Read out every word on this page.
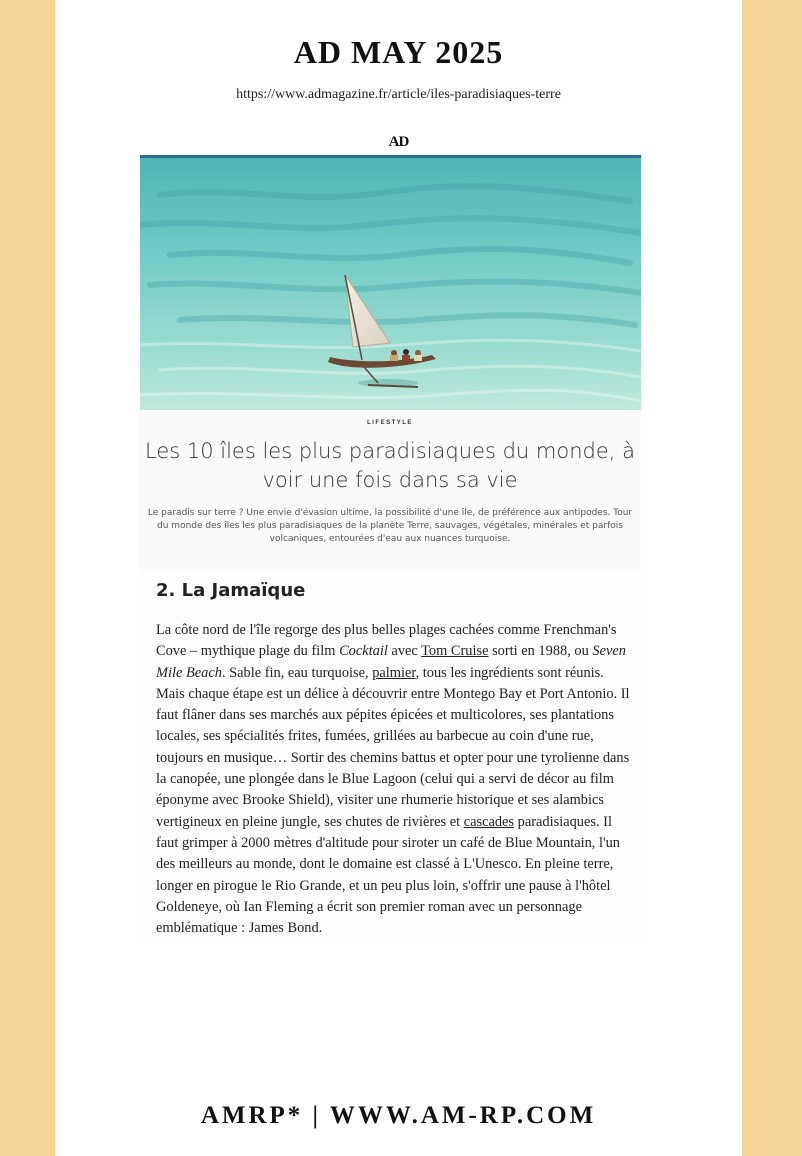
AD MAY 2025
https://www.admagazine.fr/article/iles-paradisiaques-terre
AD
LIFESTYLE
Les 10 îles les plus paradisiaques du monde, à voir une fois dans sa vie
Le paradis sur terre ? Une envie d'évasion ultime, la possibilité d'une île, de préférence aux antipodes. Tour du monde des îles les plus paradisiaques de la planète Terre, sauvages, végétales, minérales et parfois volcaniques, entourées d'eau aux nuances turquoise.
2. La Jamaïque
La côte nord de l'île regorge des plus belles plages cachées comme Frenchman's Cove – mythique plage du film Cocktail avec Tom Cruise sorti en 1988, ou Seven Mile Beach. Sable fin, eau turquoise, palmier, tous les ingrédients sont réunis. Mais chaque étape est un délice à découvrir entre Montego Bay et Port Antonio. Il faut flâner dans ses marchés aux pépites épicées et multicolores, ses plantations locales, ses spécialités frites, fumées, grillées au barbecue au coin d'une rue, toujours en musique… Sortir des chemins battus et opter pour une tyrolienne dans la canopée, une plongée dans le Blue Lagoon (celui qui a servi de décor au film éponyme avec Brooke Shield), visiter une rhumerie historique et ses alambics vertigineux en pleine jungle, ses chutes de rivières et cascades paradisiaques. Il faut grimper à 2000 mètres d'altitude pour siroter un café de Blue Mountain, l'un des meilleurs au monde, dont le domaine est classé à L'Unesco. En pleine terre, longer en pirogue le Rio Grande, et un peu plus loin, s'offrir une pause à l'hôtel Goldeneye, où Ian Fleming a écrit son premier roman avec un personnage emblématique : James Bond.
AMRP* | WWW.AM-RP.COM
